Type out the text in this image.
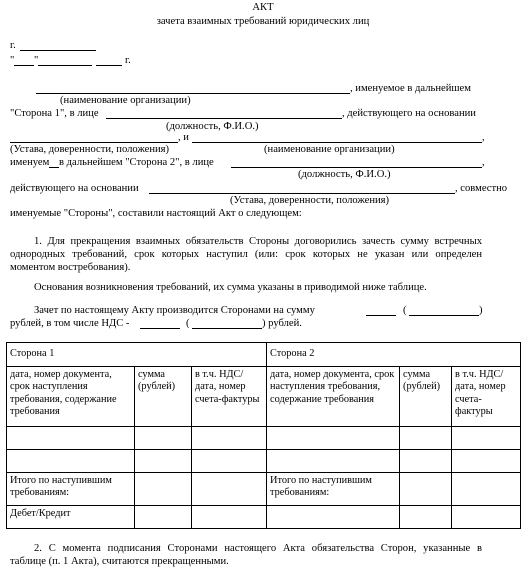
АКТ
зачета взаимных требований юридических лиц
г.
" "	г.
, именуемое в дальнейшем
(наименование организации)
"Сторона 1", в лице	, действующего на основании
(должность, Ф.И.О.)
, и	,
(Устава, доверенности, положения)	(наименование организации)
именуем в дальнейшем "Сторона 2", в лице	,
(должность, Ф.И.О.)
действующего на основании	, совместно
(Устава, доверенности, положения)
именуемые "Стороны", составили настоящий Акт о следующем:
1. Для прекращения взаимных обязательств Стороны договорились зачесть сумму встречных
однородных требований, срок которых наступил (или: срок которых не указан или определен
моментом востребования).
Основания возникновения требований, их сумма указаны в приводимой ниже таблице.
Зачет по настоящему Акту производится Сторонами на сумму	(	)
рублей, в том числе НДС -	(	) рублей.
Сторона 1			Сторона 2		
дата, номер документа, срок наступления требования, содержание требования	сумма (рублей)	в т.ч. НДС/дата, номер счета-фактуры	дата, номер документа, срок наступления требования, содержание требования	сумма (рублей)	в т.ч. НДС/дата, номер счета-фактуры

Итого по наступившим требованиям:			Итого по наступившим требованиям:		
Дебет/Кредит					
2. С момента подписания Сторонами настоящего Акта обязательства Сторон, указанные в
таблице (п. 1 Акта), считаются прекращенными.
